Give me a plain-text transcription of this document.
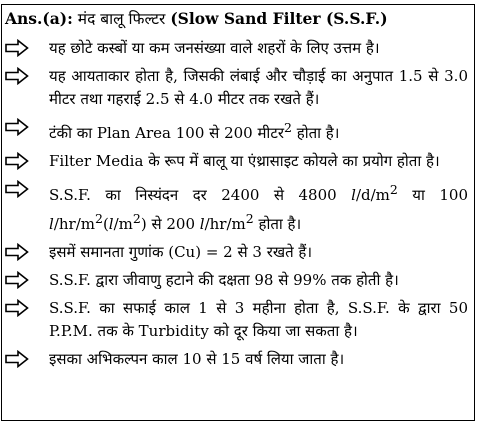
Ans.(a): मंद बालू फिल्टर (Slow Sand Filter (S.S.F.)
यह छोटे कस्बों या कम जनसंख्या वाले शहरों के लिए उत्तम है।
यह आयताकार होता है, जिसकी लंबाई और चौड़ाई का अनुपात 1.5 से 3.0 मीटर तथा गहराई 2.5 से 4.0 मीटर तक रखते हैं।
टंकी का Plan Area 100 से 200 मीटर$^2$ होता है।
Filter Media के रूप में बालू या एंथ्रासाइट कोयले का प्रयोग होता है।
S.S.F. का निस्यंदन दर 2400 से 4800 $l/d/m^2$ या 100 $l/hr/m^2(l/m^2)$ से 200 $l/hr/m^2$ होता है।
इसमें समानता गुणांक (Cu) = 2 से 3 रखते हैं।
S.S.F. द्वारा जीवाणु हटाने की दक्षता 98 से 99% तक होती है।
S.S.F. का सफाई काल 1 से 3 महीना होता है, S.S.F. के द्वारा 50 P.P.M. तक के Turbidity को दूर किया जा सकता है।
इसका अभिकल्पन काल 10 से 15 वर्ष लिया जाता है।
